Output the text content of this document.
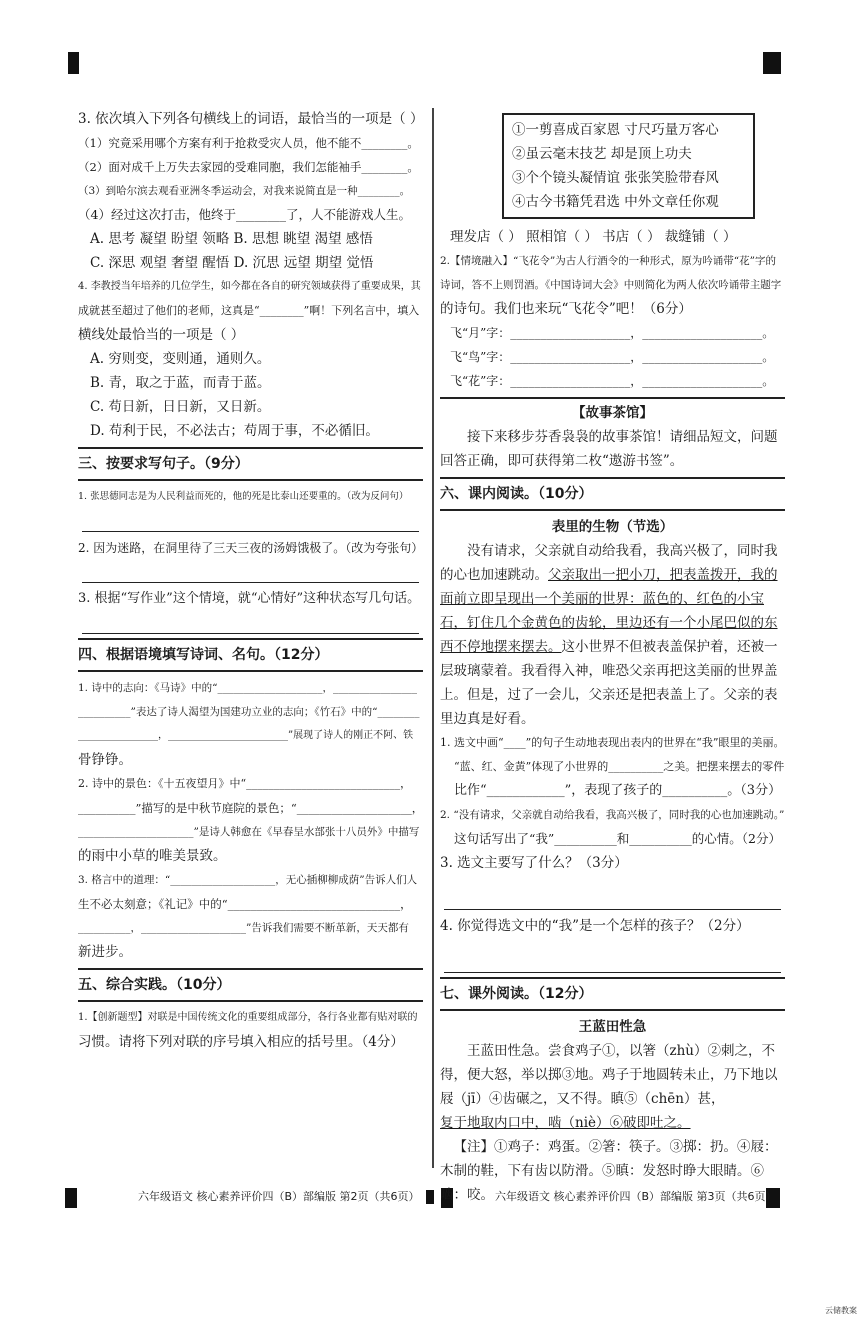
3. 依次填入下列各句横线上的词语，最恰当的一项是（ ）

（1）究竟采用哪个方案有利于抢救受灾人员，他不能不________。

（2）面对成千上万失去家园的受难同胞，我们怎能袖手________。

（3）到哈尔滨去观看亚洲冬季运动会，对我来说简直是一种________。

（4）经过这次打击，他终于________了，人不能游戏人生。

A. 思考 凝望 盼望 领略 B. 思想 眺望 渴望 感悟

C. 深思 观望 奢望 醒悟 D. 沉思 远望 期望 觉悟

4. 李教授当年培养的几位学生，如今都在各自的研究领域获得了重要成果，其

成就甚至超过了他们的老师，这真是“________”啊！下列名言中，填入

横线处最恰当的一项是（ ）

A. 穷则变，变则通，通则久。

B. 青，取之于蓝，而青于蓝。

C. 苟日新，日日新，又日新。

D. 苟利于民，不必法古；苟周于事，不必循旧。

三、按要求写句子。（9分）

1. 张思德同志是为人民利益而死的，他的死是比泰山还要重的。（改为反问句）

2. 因为迷路，在洞里待了三天三夜的汤姆饿极了。（改为夸张句）

3. 根据“写作业”这个情境，就“心情好”这种状态写几句话。

四、根据语境填写诗词、名句。（12分）

1. 诗中的志向：《马诗》中的“____________________，________________

__________”表达了诗人渴望为国建功立业的志向；《竹石》中的“________

________________，________________________”展现了诗人的刚正不阿、铁

骨铮铮。

2. 诗中的景色：《十五夜望月》中“____________________________，

__________”描写的是中秋节庭院的景色；“____________________，

______________________”是诗人韩愈在《早春呈水部张十八员外》中描写

的雨中小草的唯美景致。

3. 格言中的道理：“____________________，无心插柳柳成荫”告诉人们人

生不必太刻意；《礼记》中的“______________________________，

__________，____________________”告诉我们需要不断革新，天天都有

新进步。

五、综合实践。（10分）

1.【创新题型】对联是中国传统文化的重要组成部分，各行各业都有贴对联的

习惯。请将下列对联的序号填入相应的括号里。（4分）

①一剪喜成百家恩 寸尺巧量万客心

②虽云毫末技艺 却是顶上功夫

③个个镜头凝情谊 张张笑脸带春风

④古今书籍凭君选 中外文章任你观

理发店（ ） 照相馆（ ） 书店（ ） 裁缝铺（ ）

2.【情境融入】“飞花令”为古人行酒令的一种形式，原为吟诵带“花”字的

诗词，答不上则罚酒。《中国诗词大会》中则简化为两人依次吟诵带主题字

的诗句。我们也来玩“飞花令”吧！（6分）

飞“月”字：____________________，____________________。

飞“鸟”字：____________________，____________________。

飞“花”字：____________________，____________________。

【故事茶馆】

接下来移步芬香袅袅的故事茶馆！请细品短文，问题回答正确，即可获得第二枚“遨游书签”。

六、课内阅读。（10分）

表里的生物（节选）

没有请求，父亲就自动给我看，我高兴极了，同时我的心也加速跳动。父亲取出一把小刀，把表盖拨开，我的面前立即呈现出一个美丽的世界：蓝色的、红色的小宝石，钉住几个金黄色的齿轮，里边还有一个小尾巴似的东西不停地摆来摆去。这小世界不但被表盖保护着，还被一层玻璃蒙着。我看得入神，唯恐父亲再把这美丽的世界盖上。但是，过了一会儿，父亲还是把表盖上了。父亲的表里边真是好看。

1. 选文中画“____”的句子生动地表现出表内的世界在“我”眼里的美丽。

“蓝、红、金黄”体现了小世界的__________之美。把摆来摆去的零件

比作“____________”，表现了孩子的__________。（3分）

2. “没有请求，父亲就自动给我看，我高兴极了，同时我的心也加速跳动。”

这句话写出了“我”__________和__________的心情。（2分）

3. 选文主要写了什么？（3分）

4. 你觉得选文中的“我”是一个怎样的孩子？（2分）

七、课外阅读。（12分）

王蓝田性急

王蓝田性急。尝食鸡子①，以箸（zhù）②刺之，不得，便大怒，举以掷③地。鸡子于地圆转未止，乃下地以屐（jī）④齿碾之，又不得。瞋⑤（chēn）甚，

复于地取内口中，啮（niè）⑥破即吐之。

【注】①鸡子：鸡蛋。②箸：筷子。③掷：扔。④屐：木制的鞋，下有齿以防滑。⑤瞋：发怒时睁大眼睛。⑥啮：咬。

六年级语文 核心素养评价四（B）部编版 第2页（共6页）	六年级语文 核心素养评价四（B）部编版 第3页（共6页）
云储教案
